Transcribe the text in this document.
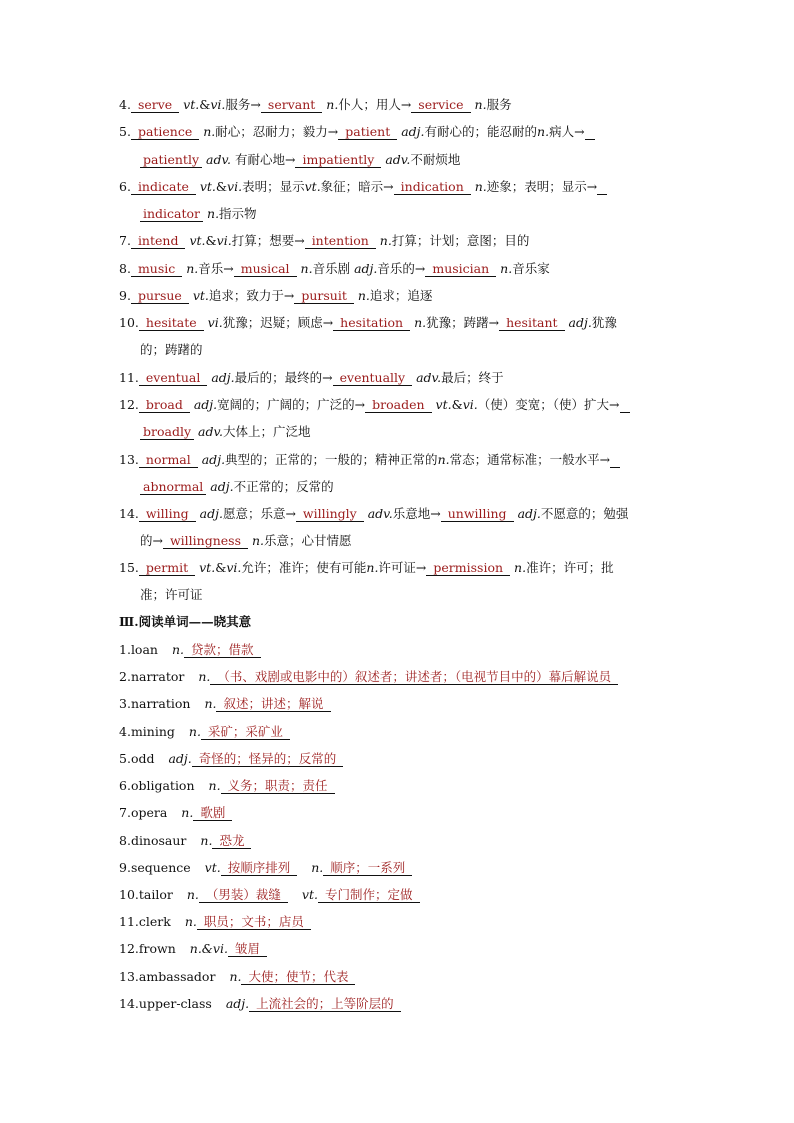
4. serve vt.&vi.服务→ servant n.仆人；用人→ service n.服务
5. patience n.耐心；忍耐力；毅力→ patient adj.有耐心的；能忍耐的n.病人→
patiently adv. 有耐心地→ impatiently adv.不耐烦地
6. indicate vt.&vi.表明；显示vt.象征；暗示→ indication n.迹象；表明；显示→
indicator n.指示物
7. intend vt.&vi.打算；想要→ intention n.打算；计划；意图；目的
8. music n.音乐→ musical n.音乐剧 adj.音乐的→ musician n.音乐家
9. pursue vt.追求；致力于→ pursuit n.追求；追逐
10. hesitate vi.犹豫；迟疑；顾虑→ hesitation n.犹豫；踌躇→ hesitant adj.犹豫
的；踌躇的
11. eventual adj.最后的；最终的→ eventually adv.最后；终于
12. broad adj.宽阔的；广阔的；广泛的→ broaden vt.&vi.（使）变宽；（使）扩大→
broadly adv.大体上；广泛地
13. normal adj.典型的；正常的；一般的；精神正常的n.常态；通常标准；一般水平→
abnormal adj.不正常的；反常的
14. willing adj.愿意；乐意→ willingly adv.乐意地→ unwilling adj.不愿意的；勉强
的→ willingness n.乐意；心甘情愿
15. permit vt.&vi.允许；准许；使有可能n.许可证→ permission n.准许；许可；批
准；许可证
Ⅲ.阅读单词——晓其意
1.loan n. 贷款；借款
2.narrator n. （书、戏剧或电影中的）叙述者；讲述者；（电视节目中的）幕后解说员
3.narration n. 叙述；讲述；解说
4.mining n. 采矿；采矿业
5.odd adj. 奇怪的；怪异的；反常的
6.obligation n. 义务；职责；责任
7.opera n. 歌剧
8.dinosaur n. 恐龙
9.sequence vt. 按顺序排列 n. 顺序；一系列
10.tailor n. （男装）裁缝 vt. 专门制作；定做
11.clerk n. 职员；文书；店员
12.frown n.&vi. 皱眉
13.ambassador n. 大使；使节；代表
14.upper-class adj. 上流社会的；上等阶层的
